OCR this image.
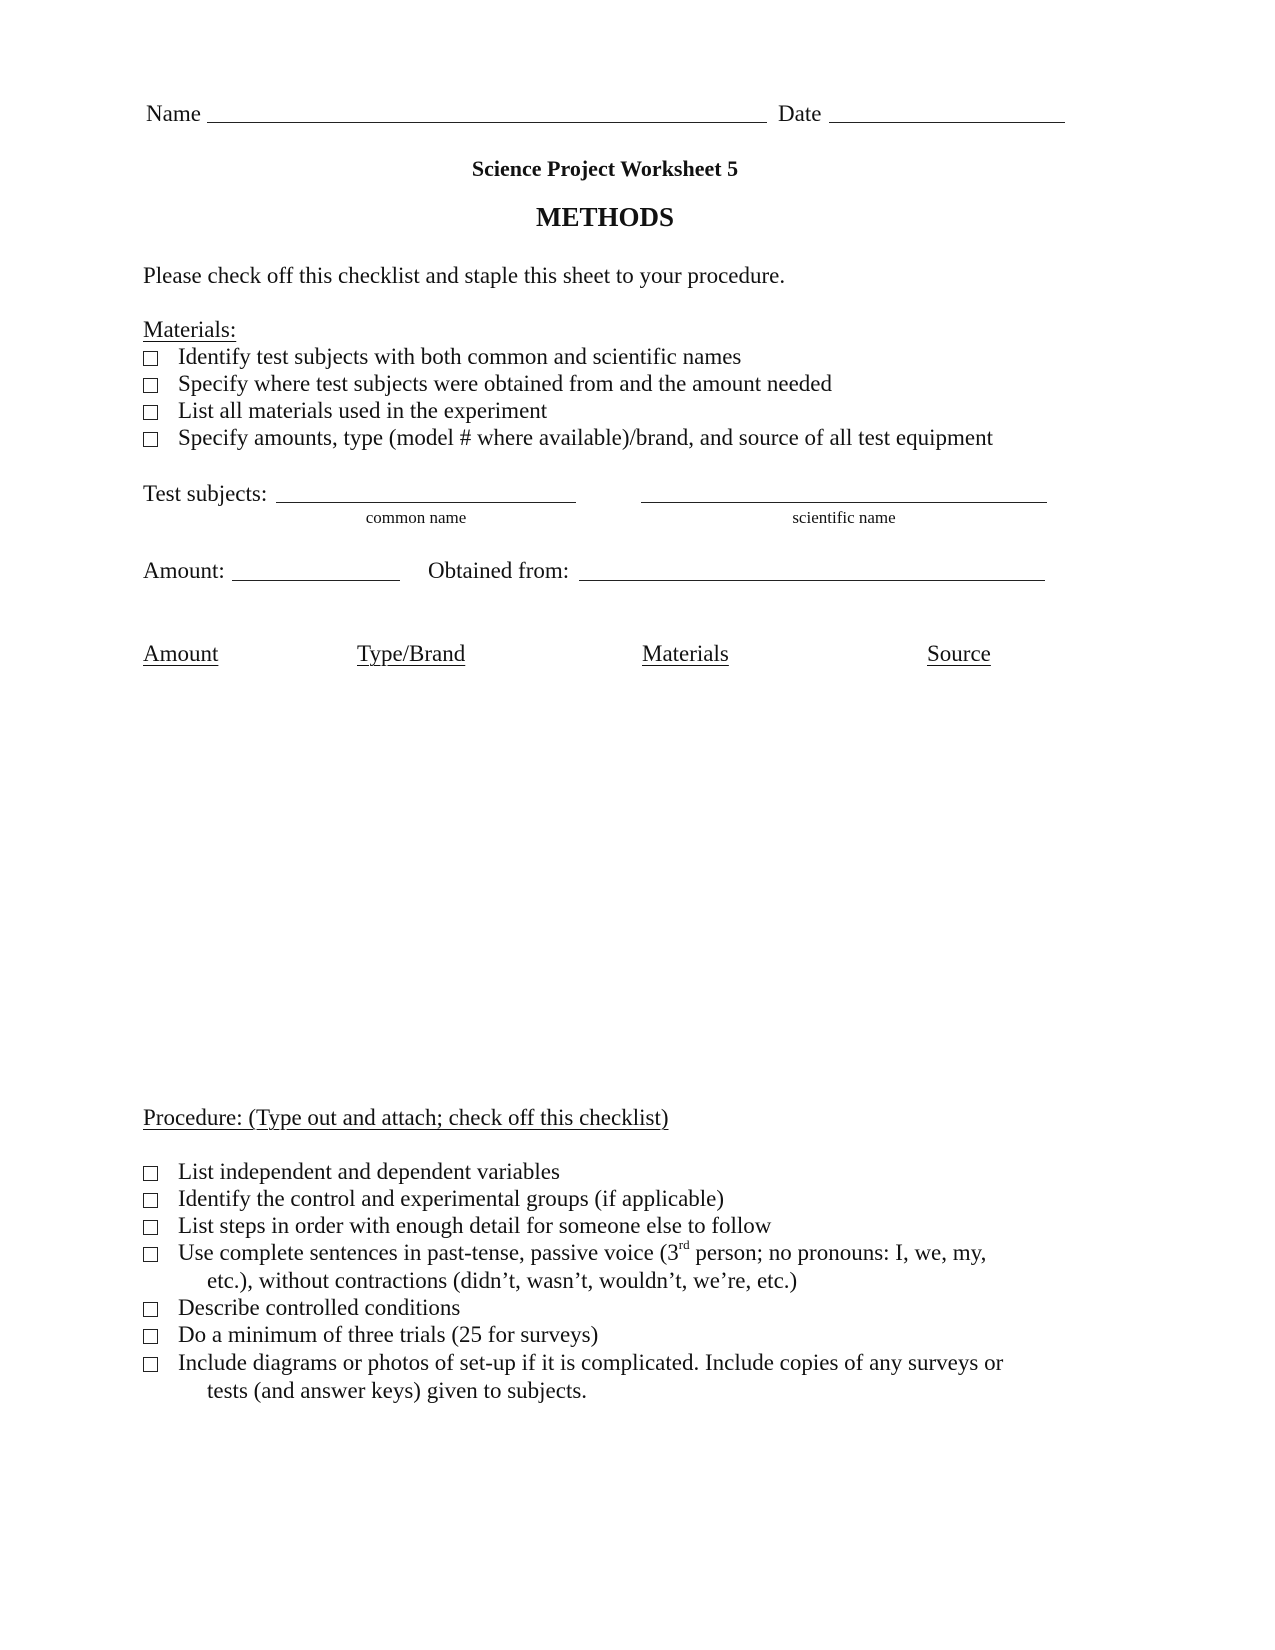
Name	Date
Science Project Worksheet 5
METHODS
Please check off this checklist and staple this sheet to your procedure.
Materials:
Identify test subjects with both common and scientific names
Specify where test subjects were obtained from and the amount needed
List all materials used in the experiment
Specify amounts, type (model # where available)/brand, and source of all test equipment
Test subjects:
common name	scientific name
Amount:	Obtained from:
Amount	Type/Brand	Materials	Source
Procedure: (Type out and attach; check off this checklist)
List independent and dependent variables
Identify the control and experimental groups (if applicable)
List steps in order with enough detail for someone else to follow
Use complete sentences in past-tense, passive voice (3rd person; no pronouns: I, we, my,
etc.), without contractions (didn’t, wasn’t, wouldn’t, we’re, etc.)
Describe controlled conditions
Do a minimum of three trials (25 for surveys)
Include diagrams or photos of set-up if it is complicated. Include copies of any surveys or
tests (and answer keys) given to subjects.
